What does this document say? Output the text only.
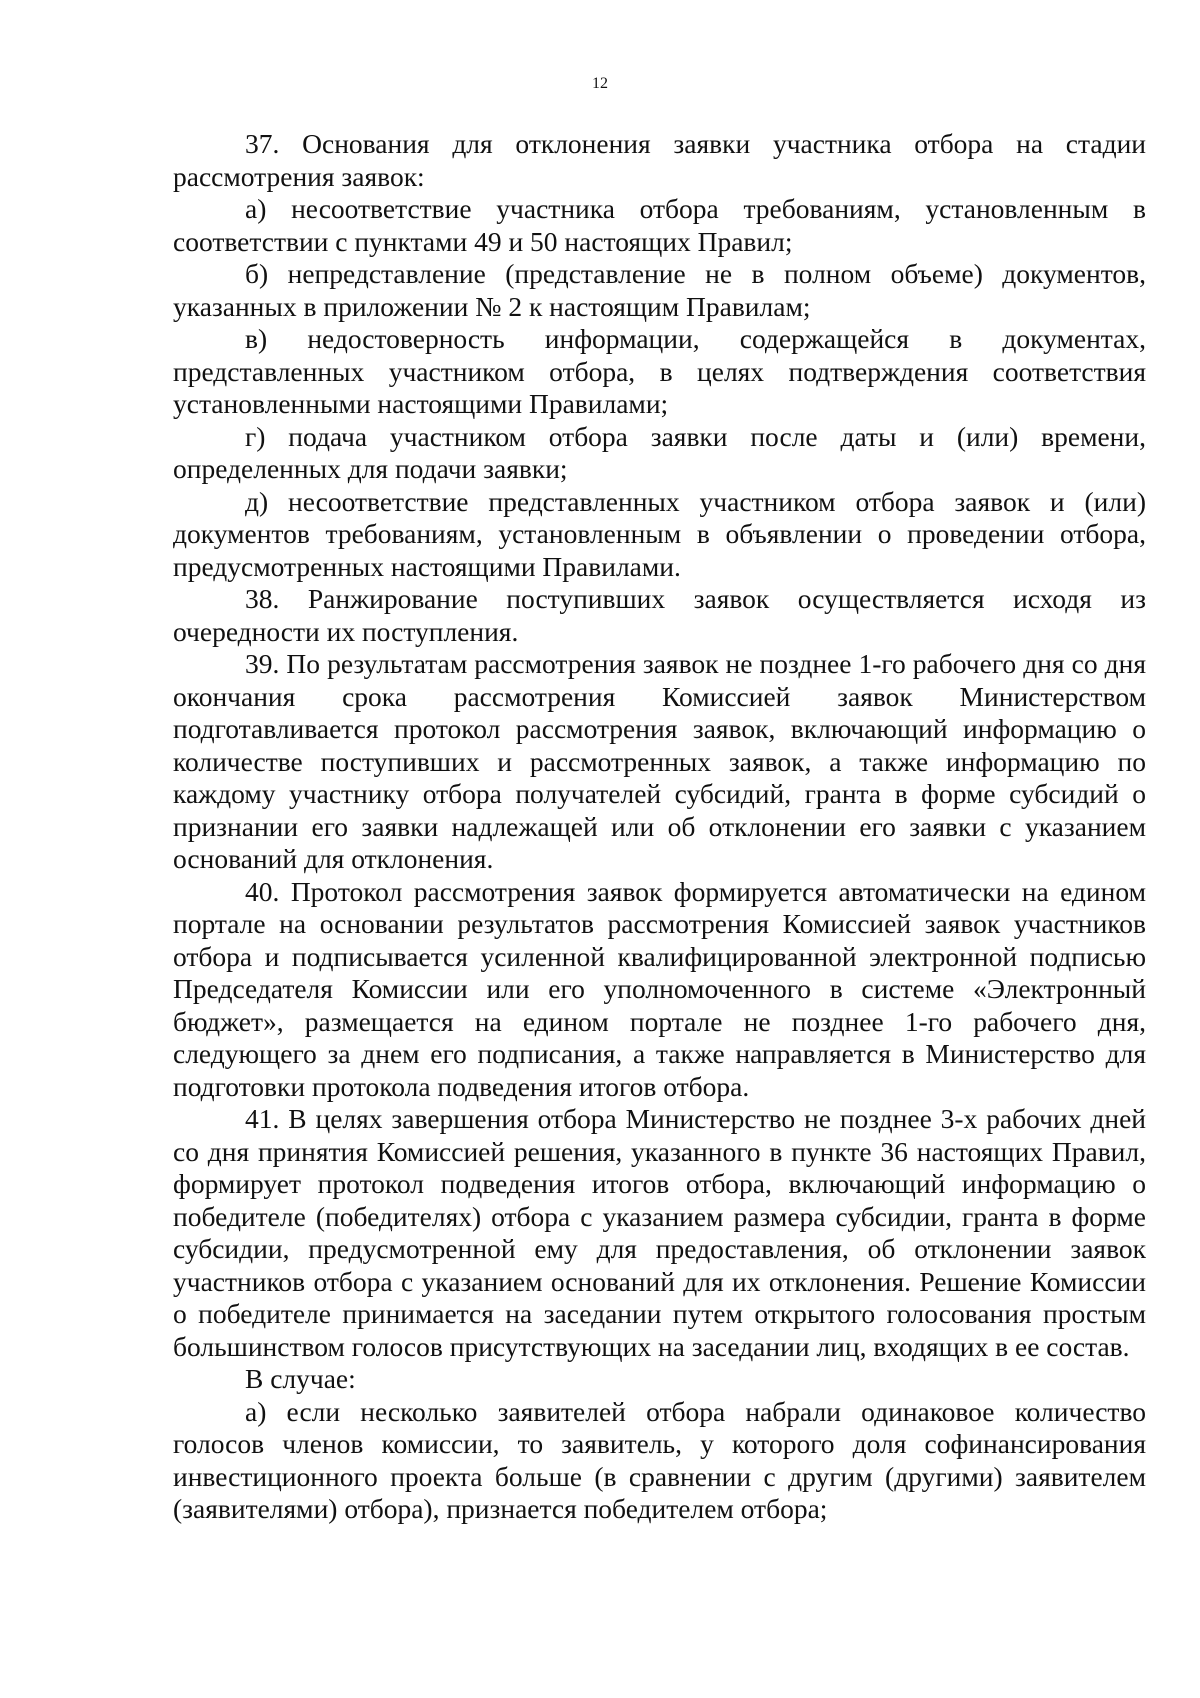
12

37. Основания для отклонения заявки участника отбора на стадии рассмотрения заявок:

а) несоответствие участника отбора требованиям, установленным в соответствии с пунктами 49 и 50 настоящих Правил;

б) непредставление (представление не в полном объеме) документов, указанных в приложении № 2 к настоящим Правилам;

в) недостоверность информации, содержащейся в документах, представленных участником отбора, в целях подтверждения соответствия установленными настоящими Правилами;

г) подача участником отбора заявки после даты и (или) времени, определенных для подачи заявки;

д) несоответствие представленных участником отбора заявок и (или) документов требованиям, установленным в объявлении о проведении отбора, предусмотренных настоящими Правилами.

38. Ранжирование поступивших заявок осуществляется исходя из очередности их поступления.

39. По результатам рассмотрения заявок не позднее 1-го рабочего дня со дня окончания срока рассмотрения Комиссией заявок Министерством подготавливается протокол рассмотрения заявок, включающий информацию о количестве поступивших и рассмотренных заявок, а также информацию по каждому участнику отбора получателей субсидий, гранта в форме субсидий о признании его заявки надлежащей или об отклонении его заявки с указанием оснований для отклонения.

40. Протокол рассмотрения заявок формируется автоматически на едином портале на основании результатов рассмотрения Комиссией заявок участников отбора и подписывается усиленной квалифицированной электронной подписью Председателя Комиссии или его уполномоченного в системе «Электронный бюджет», размещается на едином портале не позднее 1-го рабочего дня, следующего за днем его подписания, а также направляется в Министерство для подготовки протокола подведения итогов отбора.

41. В целях завершения отбора Министерство не позднее 3-х рабочих дней со дня принятия Комиссией решения, указанного в пункте 36 настоящих Правил, формирует протокол подведения итогов отбора, включающий информацию о победителе (победителях) отбора с указанием размера субсидии, гранта в форме субсидии, предусмотренной ему для предоставления, об отклонении заявок участников отбора с указанием оснований для их отклонения. Решение Комиссии о победителе принимается на заседании путем открытого голосования простым большинством голосов присутствующих на заседании лиц, входящих в ее состав.

В случае:

а) если несколько заявителей отбора набрали одинаковое количество голосов членов комиссии, то заявитель, у которого доля софинансирования инвестиционного проекта больше (в сравнении с другим (другими) заявителем (заявителями) отбора), признается победителем отбора;
